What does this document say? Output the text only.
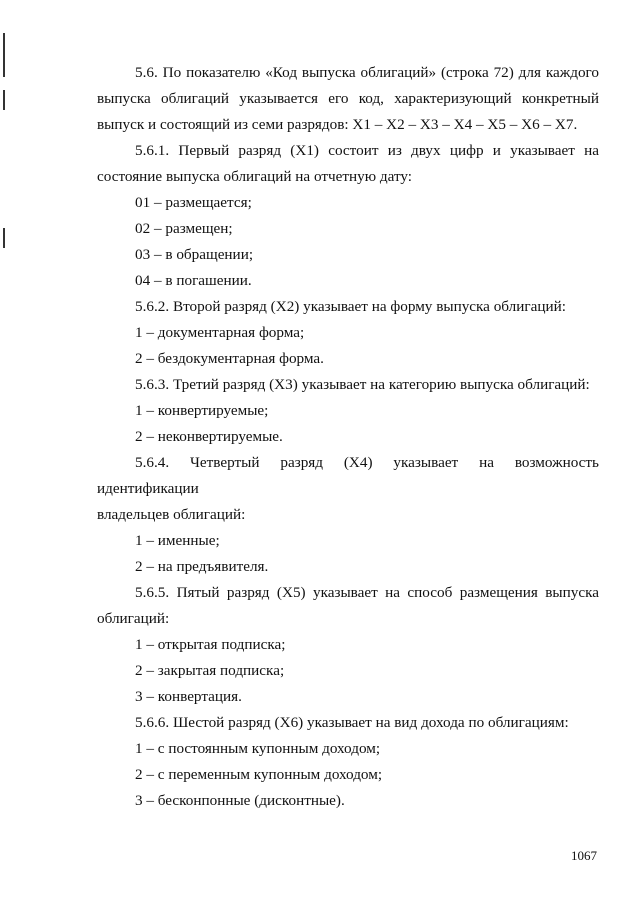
5.6. По показателю «Код выпуска облигаций» (строка 72) для каждого
выпуска облигаций указывается его код, характеризующий конкретный
выпуск и состоящий из семи разрядов: X1 – X2 – X3 – X4 – X5 – X6 – X7.
5.6.1. Первый разряд (X1) состоит из двух цифр и указывает на
состояние выпуска облигаций на отчетную дату:
01 – размещается;
02 – размещен;
03 – в обращении;
04 – в погашении.
5.6.2. Второй разряд (X2) указывает на форму выпуска облигаций:
1 – документарная форма;
2 – бездокументарная форма.
5.6.3. Третий разряд (X3) указывает на категорию выпуска облигаций:
1 – конвертируемые;
2 – неконвертируемые.
5.6.4. Четвертый разряд (X4) указывает на возможность идентификации
владельцев облигаций:
1 – именные;
2 – на предъявителя.
5.6.5. Пятый разряд (X5) указывает на способ размещения выпуска
облигаций:
1 – открытая подписка;
2 – закрытая подписка;
3 – конвертация.
5.6.6. Шестой разряд (X6) указывает на вид дохода по облигациям:
1 – с постоянным купонным доходом;
2 – с переменным купонным доходом;
3 – бесконпонные (дисконтные).
1067
